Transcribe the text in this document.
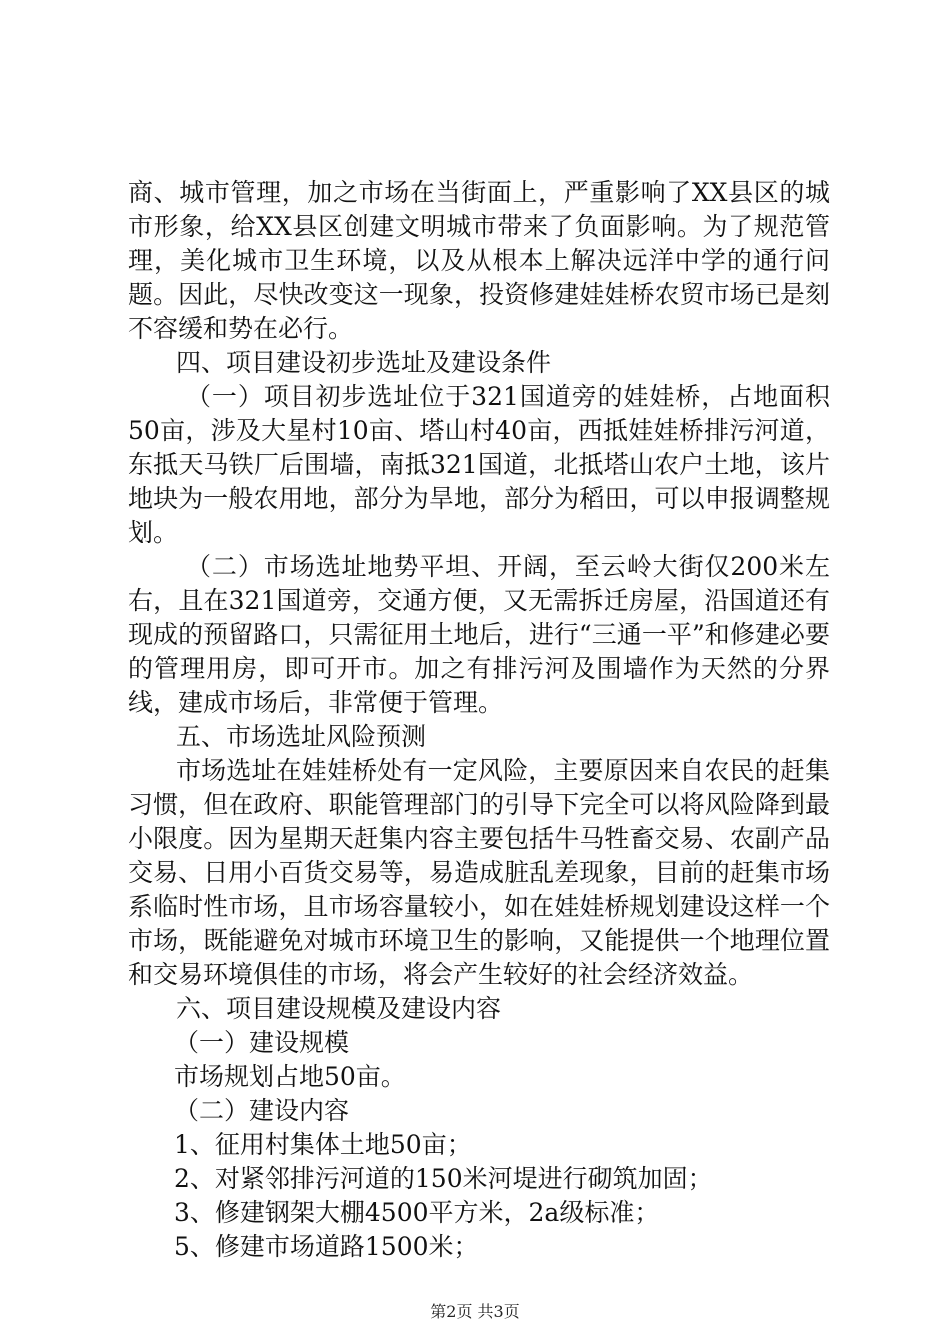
商、城市管理，加之市场在当街面上，严重影响了XX县区的城市形象，给XX县区创建文明城市带来了负面影响。为了规范管理，美化城市卫生环境，以及从根本上解决远洋中学的通行问题。因此，尽快改变这一现象，投资修建娃娃桥农贸市场已是刻不容缓和势在必行。

四、项目建设初步选址及建设条件

（一）项目初步选址位于321国道旁的娃娃桥，占地面积50亩，涉及大星村10亩、塔山村40亩，西抵娃娃桥排污河道，东抵天马铁厂后围墙，南抵321国道，北抵塔山农户土地，该片地块为一般农用地，部分为旱地，部分为稻田，可以申报调整规划。

（二）市场选址地势平坦、开阔，至云岭大街仅200米左右，且在321国道旁，交通方便，又无需拆迁房屋，沿国道还有现成的预留路口，只需征用土地后，进行“三通一平”和修建必要的管理用房，即可开市。加之有排污河及围墙作为天然的分界线，建成市场后，非常便于管理。

五、市场选址风险预测

市场选址在娃娃桥处有一定风险，主要原因来自农民的赶集习惯，但在政府、职能管理部门的引导下完全可以将风险降到最小限度。因为星期天赶集内容主要包括牛马牲畜交易、农副产品交易、日用小百货交易等，易造成脏乱差现象，目前的赶集市场系临时性市场，且市场容量较小，如在娃娃桥规划建设这样一个市场，既能避免对城市环境卫生的影响，又能提供一个地理位置和交易环境俱佳的市场，将会产生较好的社会经济效益。

六、项目建设规模及建设内容

（一）建设规模

市场规划占地50亩。

（二）建设内容

1、征用村集体土地50亩；

2、对紧邻排污河道的150米河堤进行砌筑加固；

3、修建钢架大棚4500平方米，2a级标准；

5、修建市场道路1500米；

第2页 共3页
